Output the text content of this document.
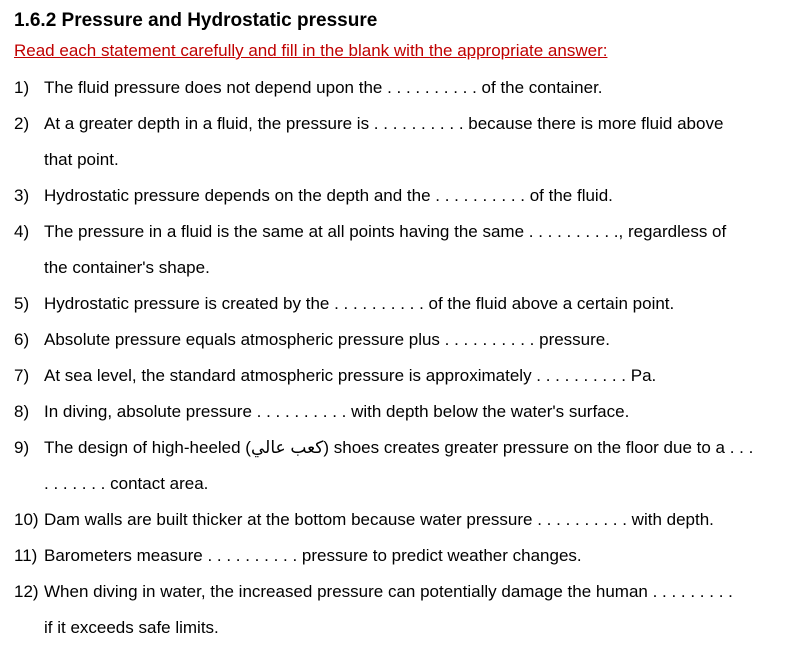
1.6.2 Pressure and Hydrostatic pressure
Read each statement carefully and fill in the blank with the appropriate answer:
1) The fluid pressure does not depend upon the . . . . . . . . . . of the container.
2) At a greater depth in a fluid, the pressure is . . . . . . . . . . because there is more fluid above
that point.
3) Hydrostatic pressure depends on the depth and the . . . . . . . . . . of the fluid.
4) The pressure in a fluid is the same at all points having the same . . . . . . . . . ., regardless of
the container's shape.
5) Hydrostatic pressure is created by the . . . . . . . . . . of the fluid above a certain point.
6) Absolute pressure equals atmospheric pressure plus . . . . . . . . . . pressure.
7) At sea level, the standard atmospheric pressure is approximately . . . . . . . . . . Pa.
8) In diving, absolute pressure . . . . . . . . . . with depth below the water's surface.
9) The design of high-heeled (كعب عالي) shoes creates greater pressure on the floor due to a . . .
. . . . . . . contact area.
10) Dam walls are built thicker at the bottom because water pressure . . . . . . . . . . with depth.
11) Barometers measure . . . . . . . . . . pressure to predict weather changes.
12) When diving in water, the increased pressure can potentially damage the human . . . . . . . . .
if it exceeds safe limits.
